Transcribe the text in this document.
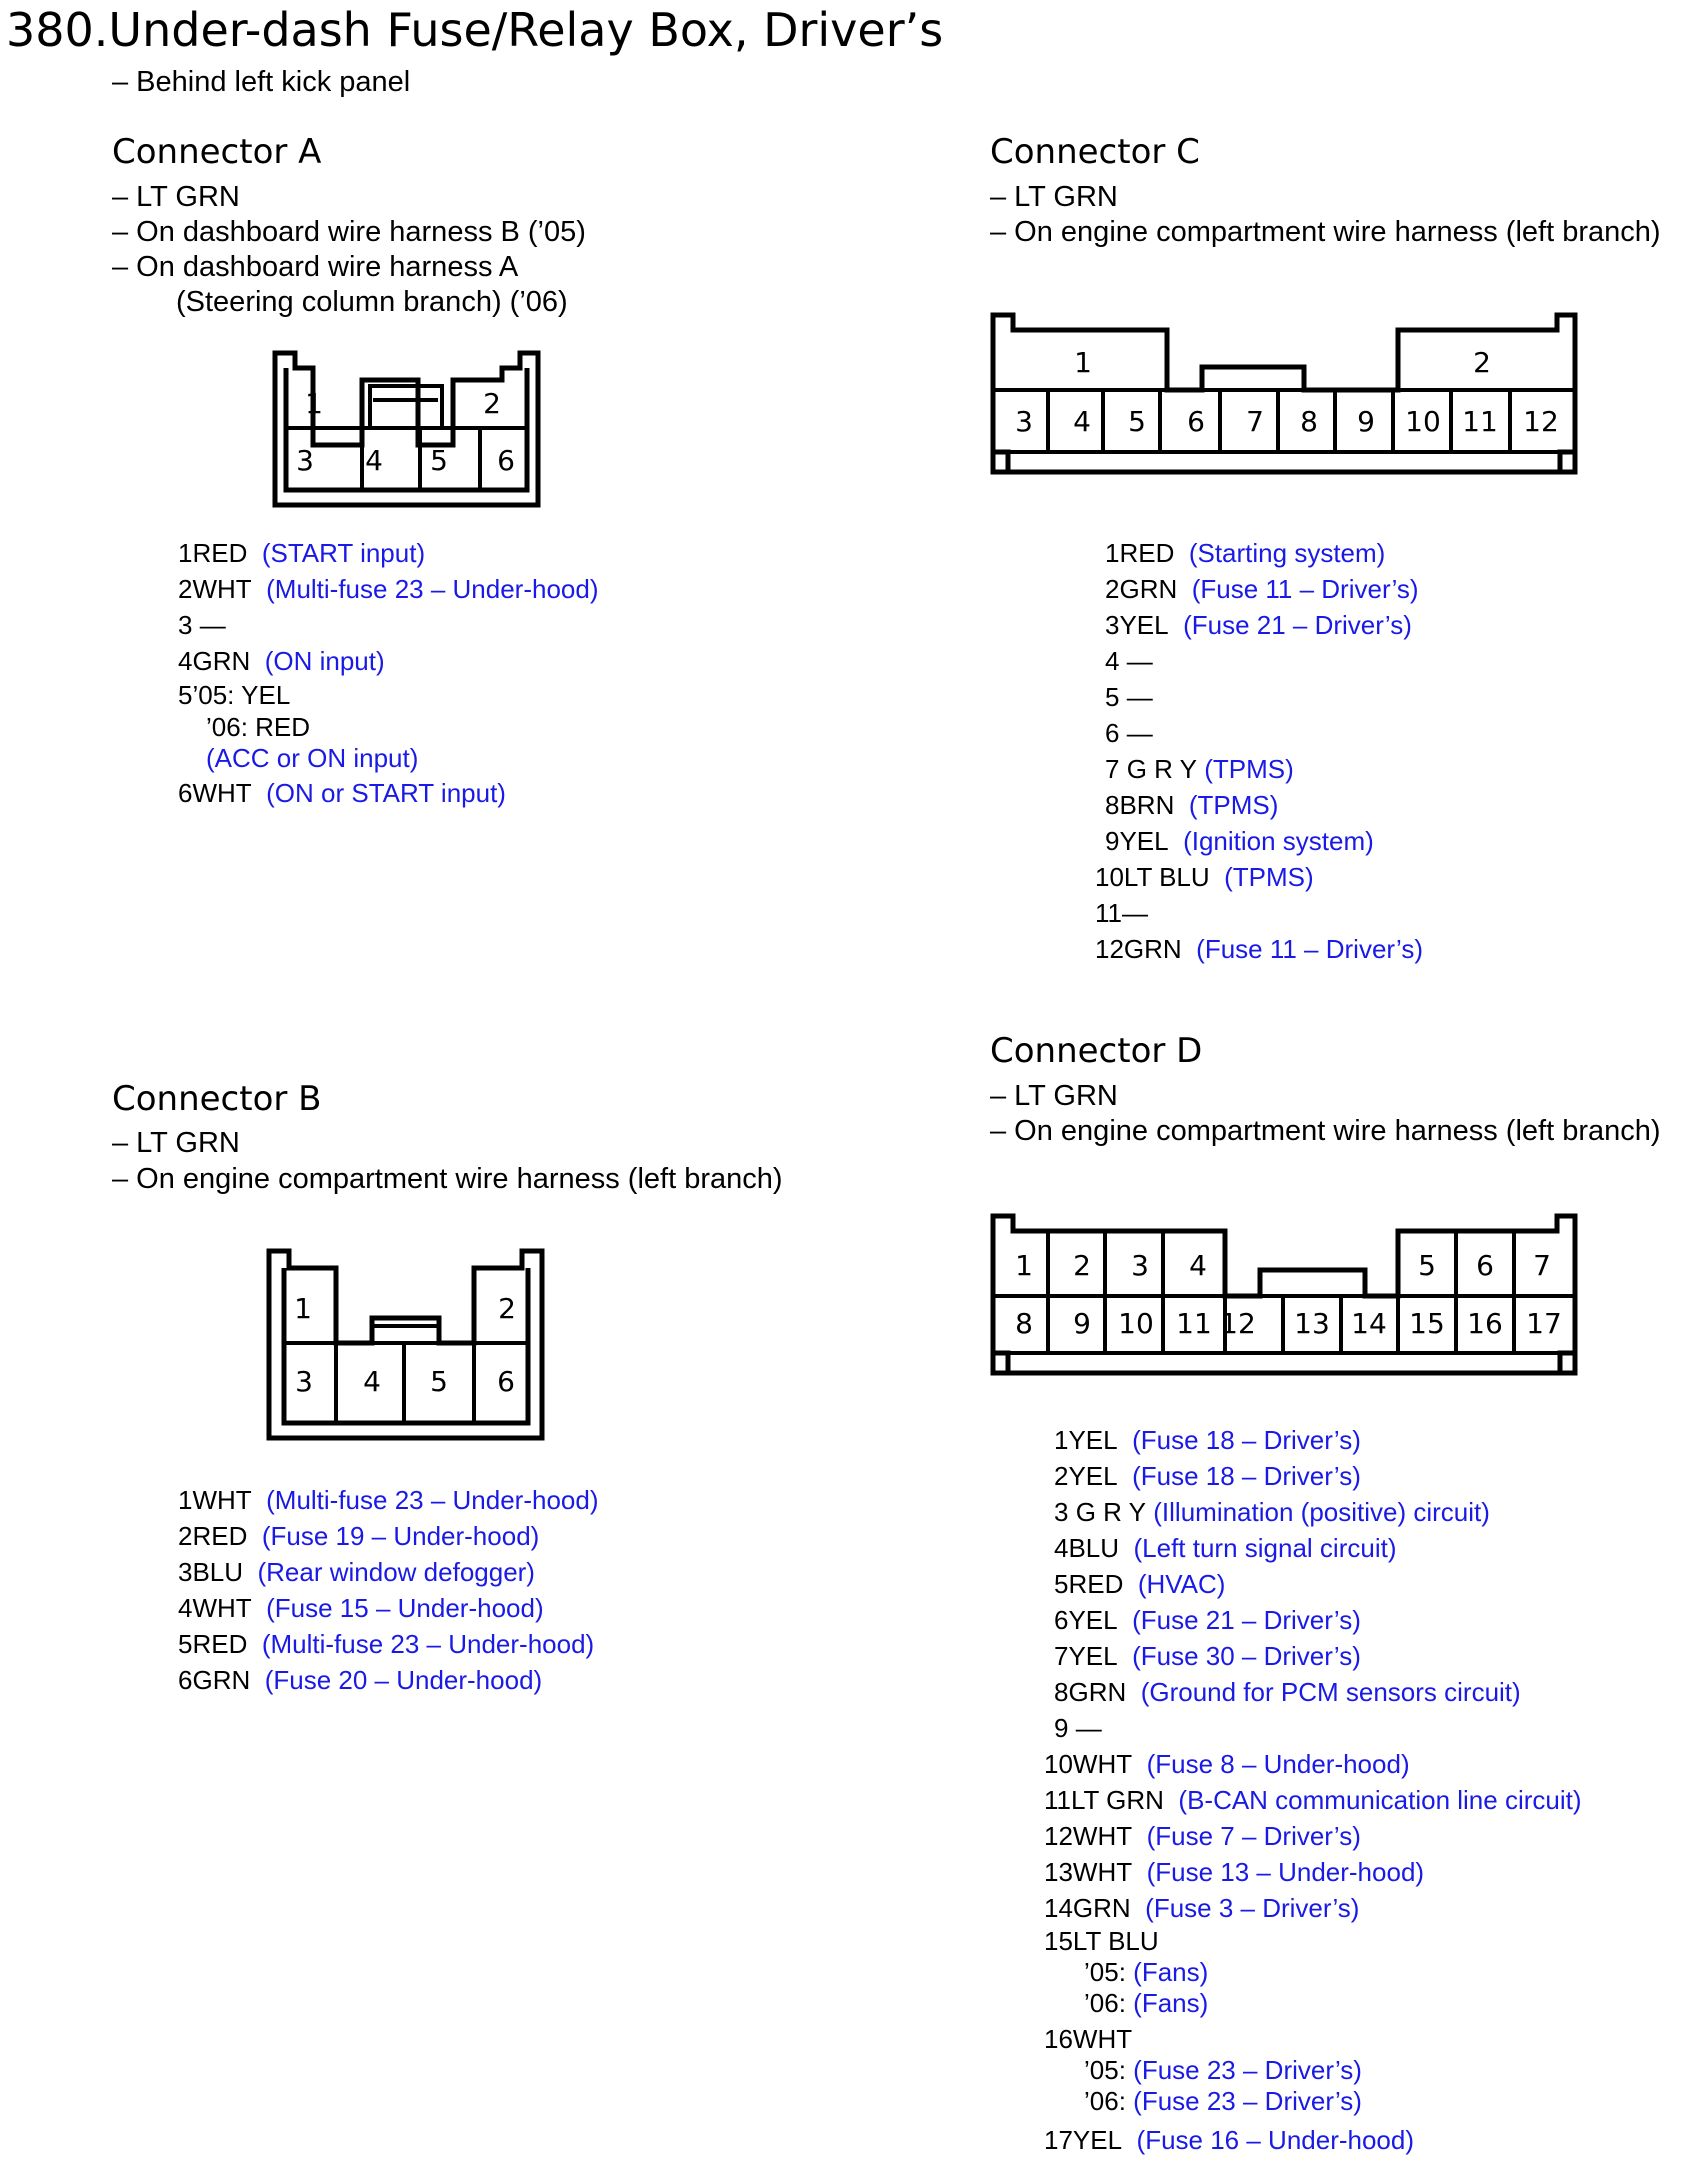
380.Under-dash Fuse/Relay Box, Driver’s
– Behind left kick panel
Connector A
– LT GRN
– On dashboard wire harness B (’05)
– On dashboard wire harness A
(Steering column branch) (’06)
1	2
3 4 5 6
1RED (START input)
2WHT (Multi-fuse 23 – Under-hood)
3 —
4GRN (ON input)
5’05: YEL
’06: RED
(ACC or ON input)
6WHT (ON or START input)
Connector C
– LT GRN
– On engine compartment wire harness (left branch)
1	2
3 4 5 6 7 8 9 10 11 12
1RED (Starting system)
2GRN (Fuse 11 – Driver’s)
3YEL (Fuse 21 – Driver’s)
4 —
5 —
6 —
7 G R Y (TPMS)
8BRN (TPMS)
9YEL (Ignition system)
10LT BLU (TPMS)
11—
12GRN (Fuse 11 – Driver’s)
Connector B
– LT GRN
– On engine compartment wire harness (left branch)
1	2
3 4 5 6
1WHT (Multi-fuse 23 – Under-hood)
2RED (Fuse 19 – Under-hood)
3BLU (Rear window defogger)
4WHT (Fuse 15 – Under-hood)
5RED (Multi-fuse 23 – Under-hood)
6GRN (Fuse 20 – Under-hood)
Connector D
– LT GRN
– On engine compartment wire harness (left branch)
1 2 3 4	5 6 7
8 9 10 11 12 13 14 15 16 17
1YEL (Fuse 18 – Driver’s)
2YEL (Fuse 18 – Driver’s)
3 G R Y (Illumination (positive) circuit)
4BLU (Left turn signal circuit)
5RED (HVAC)
6YEL (Fuse 21 – Driver’s)
7YEL (Fuse 30 – Driver’s)
8GRN (Ground for PCM sensors circuit)
9 —
10WHT (Fuse 8 – Under-hood)
11LT GRN (B-CAN communication line circuit)
12WHT (Fuse 7 – Driver’s)
13WHT (Fuse 13 – Under-hood)
14GRN (Fuse 3 – Driver’s)
15LT BLU
’05: (Fans)
’06: (Fans)
16WHT
’05: (Fuse 23 – Driver’s)
’06: (Fuse 23 – Driver’s)
17YEL (Fuse 16 – Under-hood)
